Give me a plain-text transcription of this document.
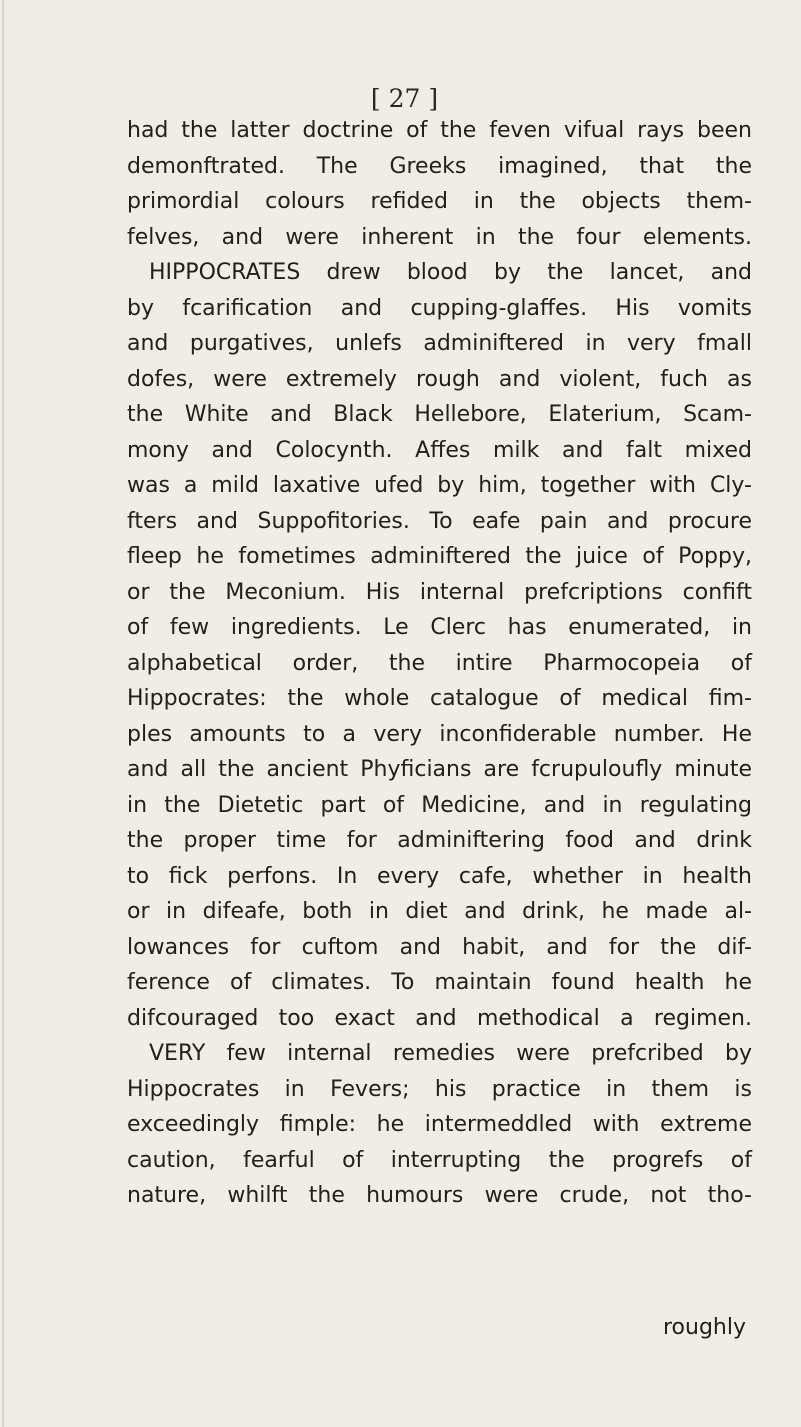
[ 27 ]
had the latter doctrine of the feven vifual rays been
demonftrated. The Greeks imagined, that the
primordial colours refided in the objects them-
felves, and were inherent in the four elements.
HIPPOCRATES drew blood by the lancet, and
by fcarification and cupping-glaffes. His vomits
and purgatives, unlefs adminiftered in very fmall
dofes, were extremely rough and violent, fuch as
the White and Black Hellebore, Elaterium, Scam-
mony and Colocynth. Affes milk and falt mixed
was a mild laxative ufed by him, together with Cly-
fters and Suppofitories. To eafe pain and procure
fleep he fometimes adminiftered the juice of Poppy,
or the Meconium. His internal prefcriptions confift
of few ingredients. Le Clerc has enumerated, in
alphabetical order, the intire Pharmocopeia of
Hippocrates: the whole catalogue of medical fim-
ples amounts to a very inconfiderable number. He
and all the ancient Phyficians are fcrupuloufly minute
in the Dietetic part of Medicine, and in regulating
the proper time for adminiftering food and drink
to fick perfons. In every cafe, whether in health
or in difeafe, both in diet and drink, he made al-
lowances for cuftom and habit, and for the dif-
ference of climates. To maintain found health he
difcouraged too exact and methodical a regimen.
VERY few internal remedies were prefcribed by
Hippocrates in Fevers; his practice in them is
exceedingly fimple: he intermeddled with extreme
caution, fearful of interrupting the progrefs of
nature, whilft the humours were crude, not tho-
roughly
